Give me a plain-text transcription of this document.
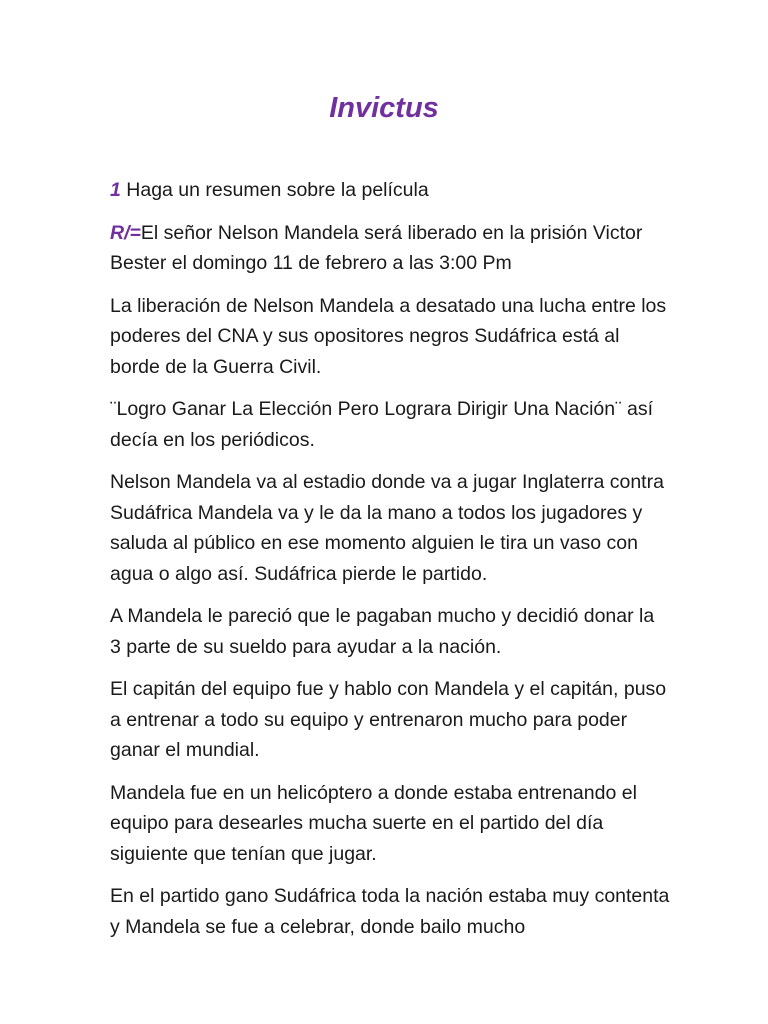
Invictus

1 Haga un resumen sobre la película

R/=El señor Nelson Mandela será liberado en la prisión Victor Bester el domingo 11 de febrero a las 3:00 Pm

La liberación de Nelson Mandela a desatado una lucha entre los poderes del CNA y sus opositores negros Sudáfrica está al borde de la Guerra Civil.

¨Logro Ganar La Elección Pero Lograra Dirigir Una Nación¨ así decía en los periódicos.

Nelson Mandela va al estadio donde va a jugar Inglaterra contra Sudáfrica Mandela va y le da la mano a todos los jugadores y saluda al público en ese momento alguien le tira un vaso con agua o algo así. Sudáfrica pierde le partido.

A Mandela le pareció que le pagaban mucho y decidió donar la 3 parte de su sueldo para ayudar a la nación.

El capitán del equipo fue y hablo con Mandela y el capitán, puso a entrenar a todo su equipo y entrenaron mucho para poder ganar el mundial.

Mandela fue en un helicóptero a donde estaba entrenando el equipo para desearles mucha suerte en el partido del día siguiente que tenían que jugar.

En el partido gano Sudáfrica toda la nación estaba muy contenta y Mandela se fue a celebrar, donde bailo mucho
